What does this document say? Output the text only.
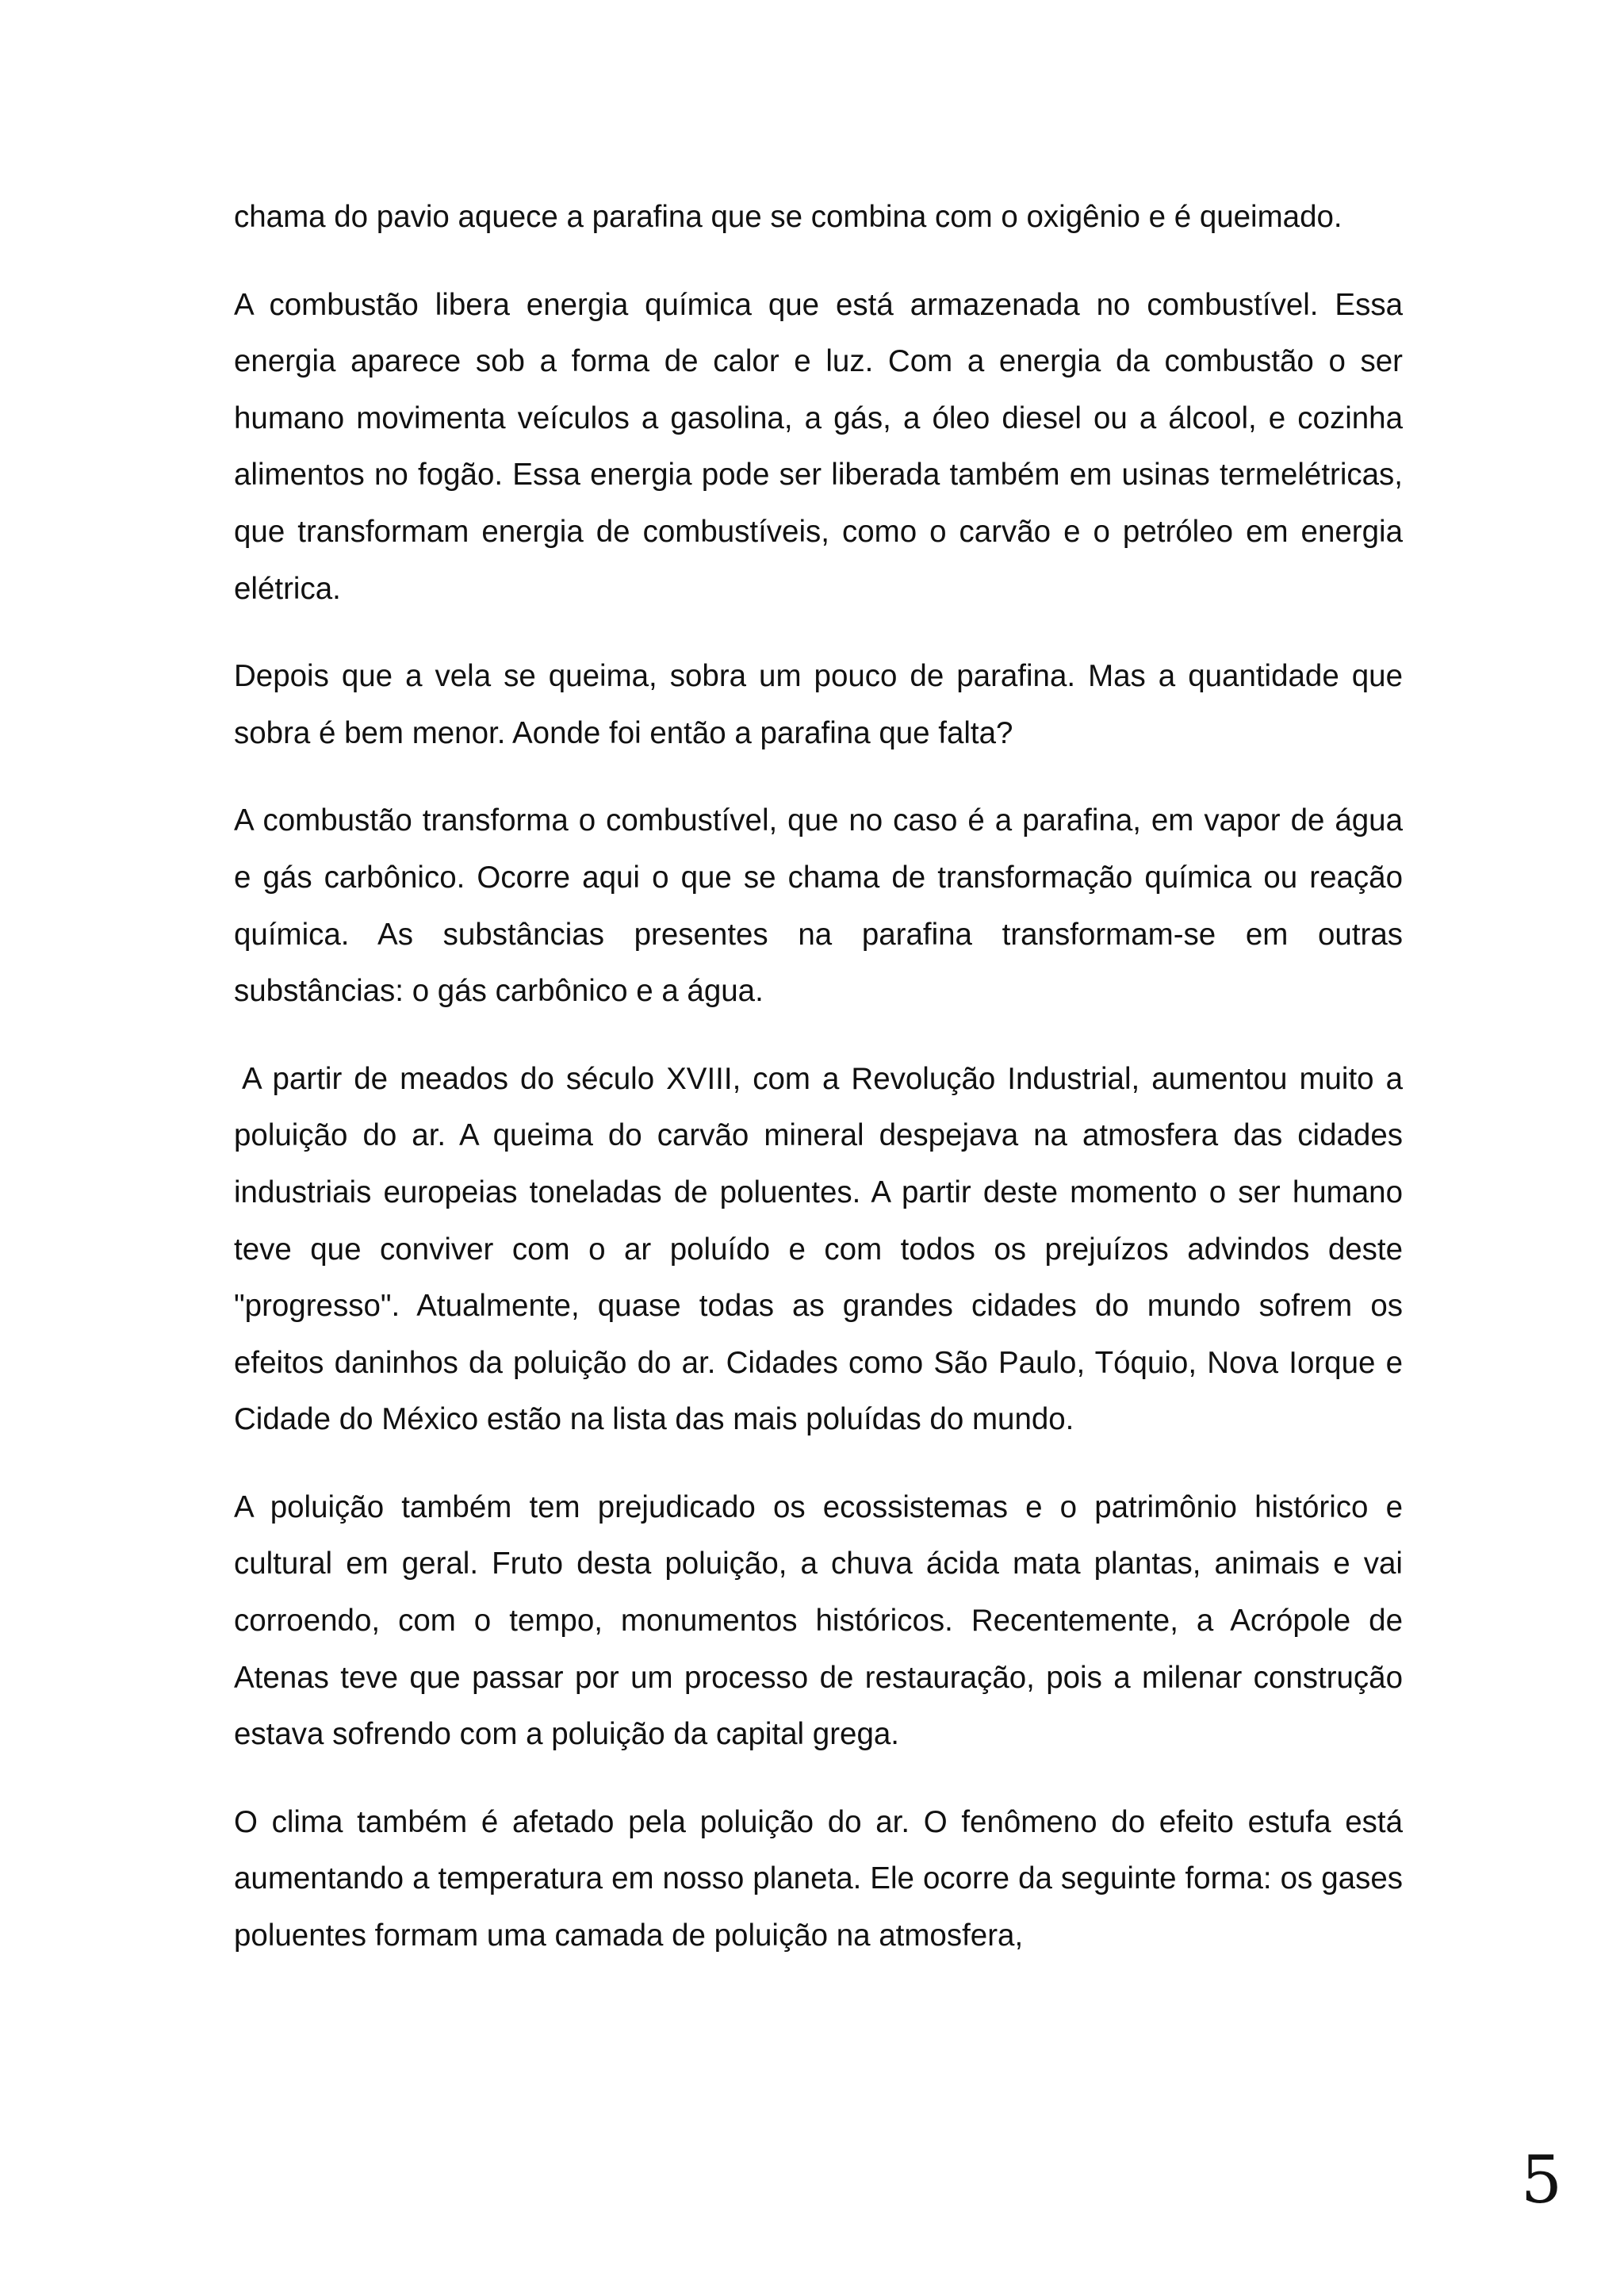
chama do pavio aquece a parafina que se combina com o oxigênio e é queimado.

A combustão libera energia química que está armazenada no combustível. Essa energia aparece sob a forma de calor e luz. Com a energia da combustão o ser humano movimenta veículos a gasolina, a gás, a óleo diesel ou a álcool, e cozinha alimentos no fogão. Essa energia pode ser liberada também em usinas termelétricas, que transformam energia de combustíveis, como o carvão e o petróleo em energia elétrica.

Depois que a vela se queima, sobra um pouco de parafina. Mas a quantidade que sobra é bem menor. Aonde foi então a parafina que falta?

A combustão transforma o combustível, que no caso é a parafina, em vapor de água e gás carbônico. Ocorre aqui o que se chama de transformação química ou reação química. As substâncias presentes na parafina transformam-se em outras substâncias: o gás carbônico e a água.

A partir de meados do século XVIII, com a Revolução Industrial, aumentou muito a poluição do ar. A queima do carvão mineral despejava na atmosfera das cidades industriais europeias toneladas de poluentes. A partir deste momento o ser humano teve que conviver com o ar poluído e com todos os prejuízos advindos deste "progresso". Atualmente, quase todas as grandes cidades do mundo sofrem os efeitos daninhos da poluição do ar. Cidades como São Paulo, Tóquio, Nova Iorque e Cidade do México estão na lista das mais poluídas do mundo.

A poluição também tem prejudicado os ecossistemas e o patrimônio histórico e cultural em geral. Fruto desta poluição, a chuva ácida mata plantas, animais e vai corroendo, com o tempo, monumentos históricos. Recentemente, a Acrópole de Atenas teve que passar por um processo de restauração, pois a milenar construção estava sofrendo com a poluição da capital grega.

O clima também é afetado pela poluição do ar. O fenômeno do efeito estufa está aumentando a temperatura em nosso planeta. Ele ocorre da seguinte forma: os gases poluentes formam uma camada de poluição na atmosfera,

5
